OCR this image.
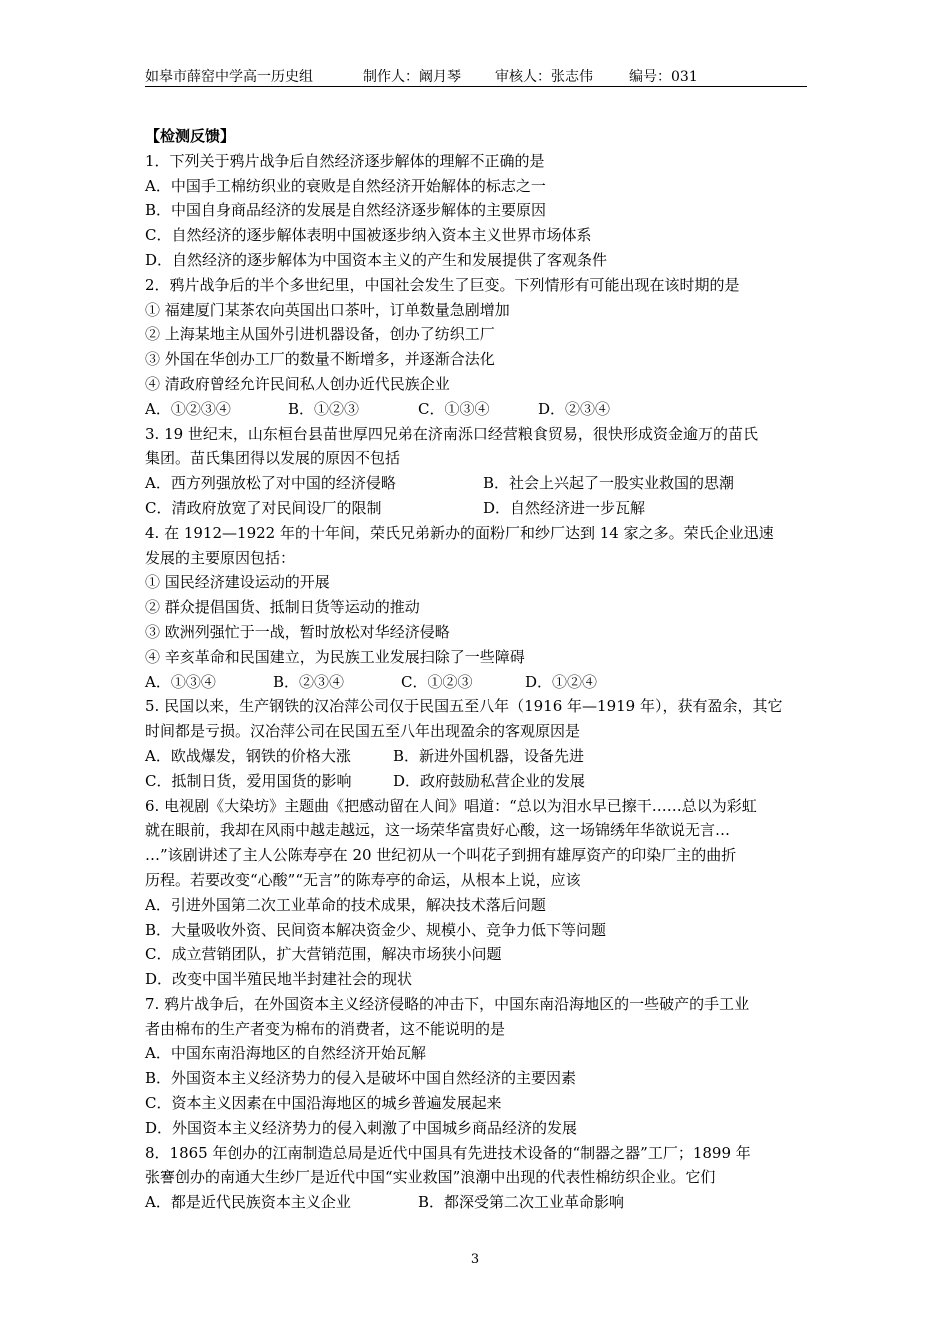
如皋市薛窑中学高一历史组	制作人：阚月琴 审核人：张志伟	编号：031
【检测反馈】
1．下列关于鸦片战争后自然经济逐步解体的理解不正确的是
A．中国手工棉纺织业的衰败是自然经济开始解体的标志之一
B．中国自身商品经济的发展是自然经济逐步解体的主要原因
C．自然经济的逐步解体表明中国被逐步纳入资本主义世界市场体系
D．自然经济的逐步解体为中国资本主义的产生和发展提供了客观条件
2．鸦片战争后的半个多世纪里，中国社会发生了巨变。下列情形有可能出现在该时期的是
① 福建厦门某茶农向英国出口茶叶，订单数量急剧增加
② 上海某地主从国外引进机器设备，创办了纺织工厂
③ 外国在华创办工厂的数量不断增多，并逐渐合法化
④ 清政府曾经允许民间私人创办近代民族企业
A．①②③④	B．①②③	C．①③④	D．②③④
3. 19 世纪末，山东桓台县苗世厚四兄弟在济南泺口经营粮食贸易，很快形成资金逾万的苗氏
集团。苗氏集团得以发展的原因不包括
A．西方列强放松了对中国的经济侵略	B．社会上兴起了一股实业救国的思潮
C．清政府放宽了对民间设厂的限制	D．自然经济进一步瓦解
4. 在 1912—1922 年的十年间，荣氏兄弟新办的面粉厂和纱厂达到 14 家之多。荣氏企业迅速
发展的主要原因包括：
① 国民经济建设运动的开展
② 群众提倡国货、抵制日货等运动的推动
③ 欧洲列强忙于一战，暂时放松对华经济侵略
④ 辛亥革命和民国建立，为民族工业发展扫除了一些障碍
A．①③④	B．②③④	C．①②③	D．①②④
5. 民国以来，生产钢铁的汉冶萍公司仅于民国五至八年（1916 年—1919 年），获有盈余，其它
时间都是亏损。汉冶萍公司在民国五至八年出现盈余的客观原因是
A．欧战爆发，钢铁的价格大涨	B．新进外国机器，设备先进
C．抵制日货，爱用国货的影响	D．政府鼓励私营企业的发展
6. 电视剧《大染坊》主题曲《把感动留在人间》唱道：“总以为泪水早已擦干……总以为彩虹
就在眼前，我却在风雨中越走越远，这一场荣华富贵好心酸，这一场锦绣年华欲说无言…
…”该剧讲述了主人公陈寿亭在 20 世纪初从一个叫花子到拥有雄厚资产的印染厂主的曲折
历程。若要改变“心酸”“无言”的陈寿亭的命运，从根本上说，应该
A．引进外国第二次工业革命的技术成果，解决技术落后问题
B．大量吸收外资、民间资本解决资金少、规模小、竞争力低下等问题
C．成立营销团队，扩大营销范围，解决市场狭小问题
D．改变中国半殖民地半封建社会的现状
7. 鸦片战争后，在外国资本主义经济侵略的冲击下，中国东南沿海地区的一些破产的手工业
者由棉布的生产者变为棉布的消费者，这不能说明的是
A．中国东南沿海地区的自然经济开始瓦解
B．外国资本主义经济势力的侵入是破坏中国自然经济的主要因素
C．资本主义因素在中国沿海地区的城乡普遍发展起来
D．外国资本主义经济势力的侵入刺激了中国城乡商品经济的发展
8．1865 年创办的江南制造总局是近代中国具有先进技术设备的“制器之器”工厂；1899 年
张謇创办的南通大生纱厂是近代中国“实业救国”浪潮中出现的代表性棉纺织企业。它们
A．都是近代民族资本主义企业	B．都深受第二次工业革命影响
3
